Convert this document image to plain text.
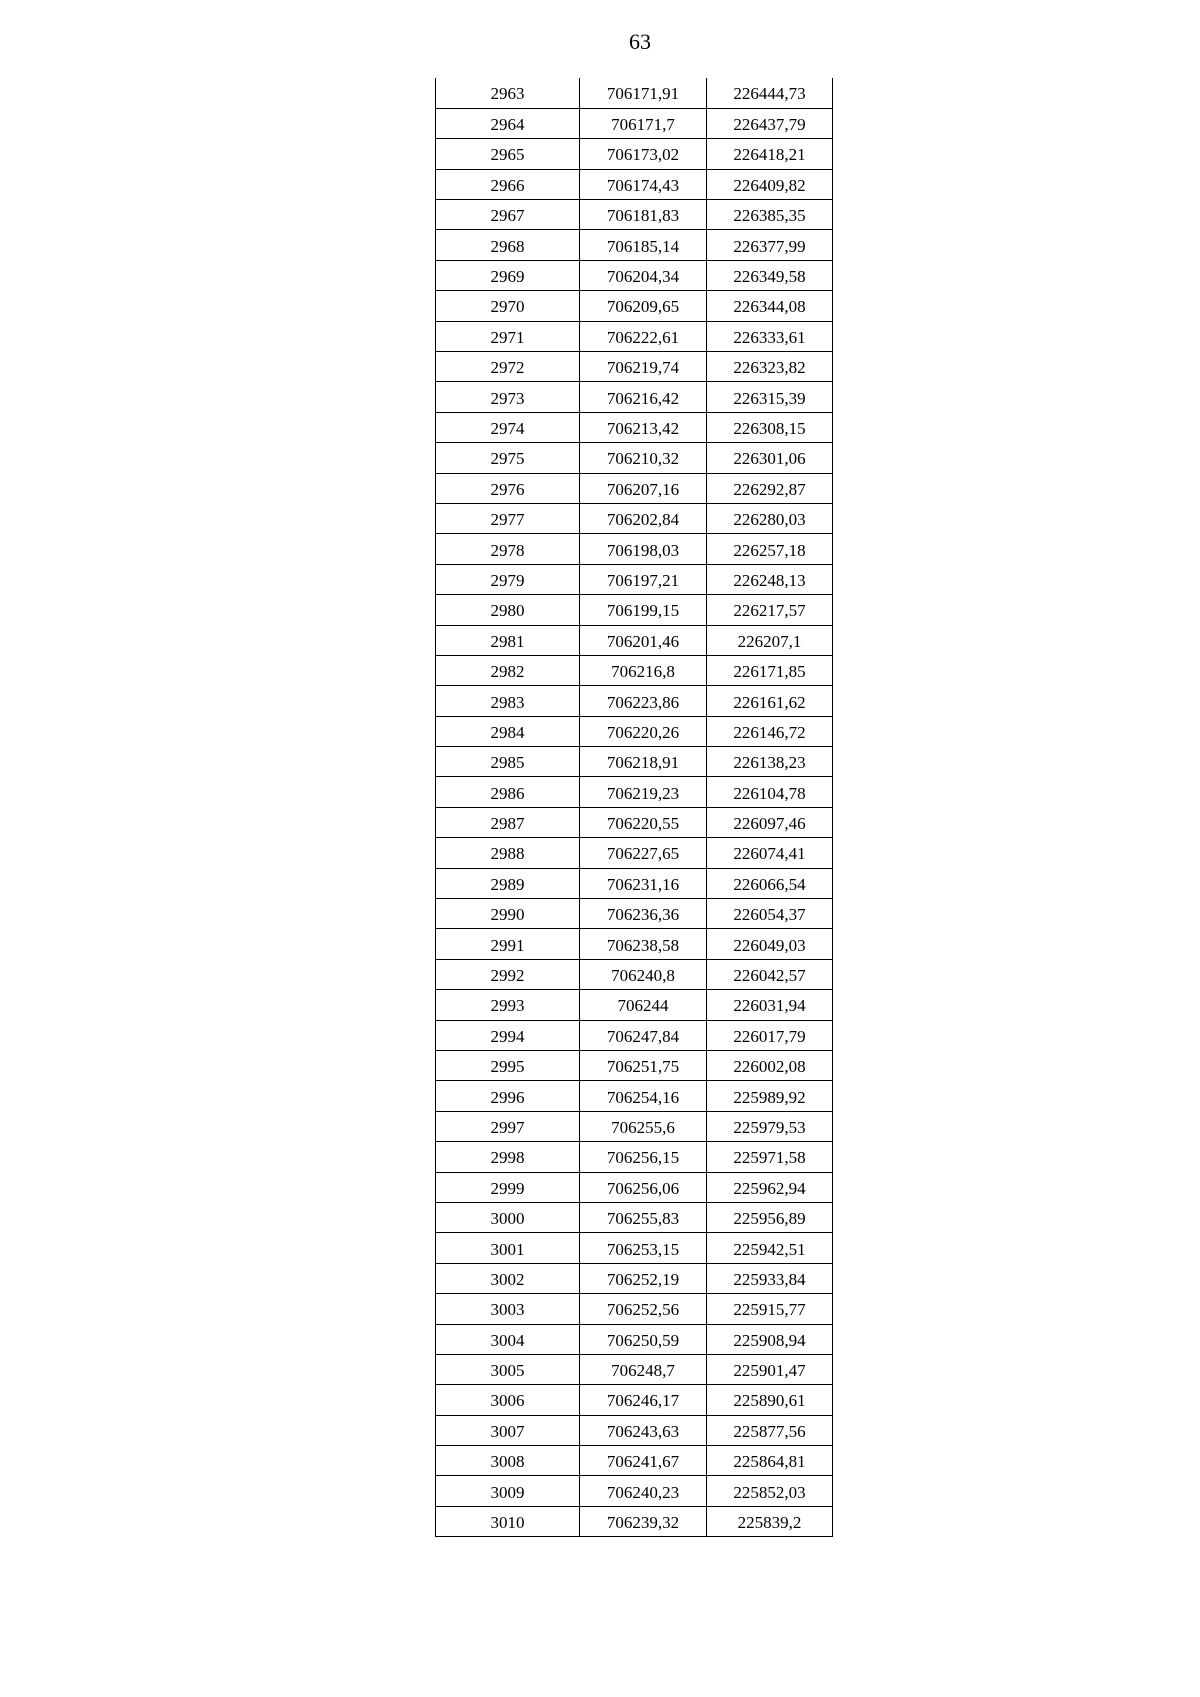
63
2963	706171,91	226444,73
2964	706171,7	226437,79
2965	706173,02	226418,21
2966	706174,43	226409,82
2967	706181,83	226385,35
2968	706185,14	226377,99
2969	706204,34	226349,58
2970	706209,65	226344,08
2971	706222,61	226333,61
2972	706219,74	226323,82
2973	706216,42	226315,39
2974	706213,42	226308,15
2975	706210,32	226301,06
2976	706207,16	226292,87
2977	706202,84	226280,03
2978	706198,03	226257,18
2979	706197,21	226248,13
2980	706199,15	226217,57
2981	706201,46	226207,1
2982	706216,8	226171,85
2983	706223,86	226161,62
2984	706220,26	226146,72
2985	706218,91	226138,23
2986	706219,23	226104,78
2987	706220,55	226097,46
2988	706227,65	226074,41
2989	706231,16	226066,54
2990	706236,36	226054,37
2991	706238,58	226049,03
2992	706240,8	226042,57
2993	706244	226031,94
2994	706247,84	226017,79
2995	706251,75	226002,08
2996	706254,16	225989,92
2997	706255,6	225979,53
2998	706256,15	225971,58
2999	706256,06	225962,94
3000	706255,83	225956,89
3001	706253,15	225942,51
3002	706252,19	225933,84
3003	706252,56	225915,77
3004	706250,59	225908,94
3005	706248,7	225901,47
3006	706246,17	225890,61
3007	706243,63	225877,56
3008	706241,67	225864,81
3009	706240,23	225852,03
3010	706239,32	225839,2
